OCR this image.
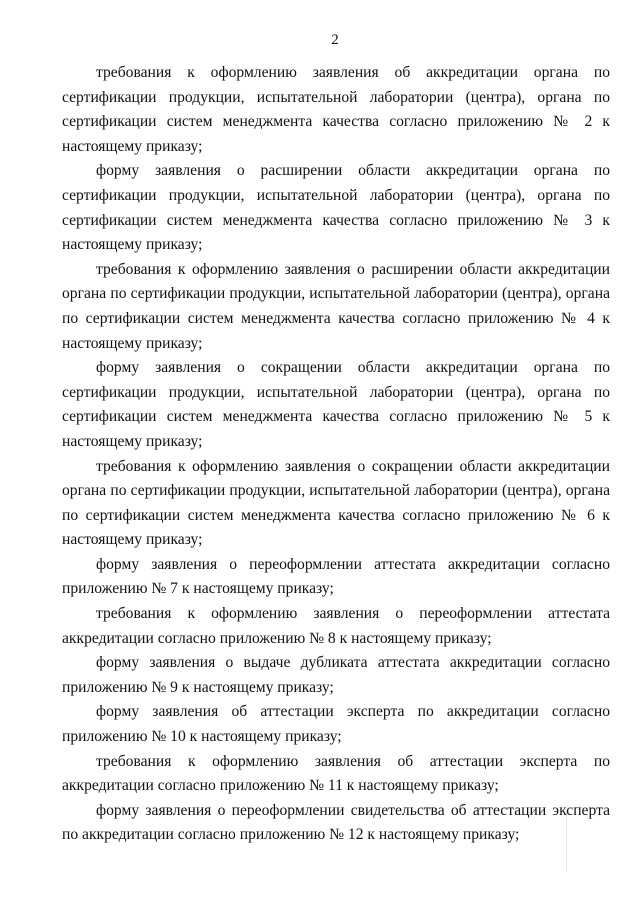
2

требования к оформлению заявления об аккредитации органа по сертификации продукции, испытательной лаборатории (центра), органа по сертификации систем менеджмента качества согласно приложению № 2 к настоящему приказу;

форму заявления о расширении области аккредитации органа по сертификации продукции, испытательной лаборатории (центра), органа по сертификации систем менеджмента качества согласно приложению № 3 к настоящему приказу;

требования к оформлению заявления о расширении области аккредитации органа по сертификации продукции, испытательной лаборатории (центра), органа по сертификации систем менеджмента качества согласно приложению № 4 к настоящему приказу;

форму заявления о сокращении области аккредитации органа по сертификации продукции, испытательной лаборатории (центра), органа по сертификации систем менеджмента качества согласно приложению № 5 к настоящему приказу;

требования к оформлению заявления о сокращении области аккредитации органа по сертификации продукции, испытательной лаборатории (центра), органа по сертификации систем менеджмента качества согласно приложению № 6 к настоящему приказу;

форму заявления о переоформлении аттестата аккредитации согласно приложению № 7 к настоящему приказу;

требования к оформлению заявления о переоформлении аттестата аккредитации согласно приложению № 8 к настоящему приказу;

форму заявления о выдаче дубликата аттестата аккредитации согласно приложению № 9 к настоящему приказу;

форму заявления об аттестации эксперта по аккредитации согласно приложению № 10 к настоящему приказу;

требования к оформлению заявления об аттестации эксперта по аккредитации согласно приложению № 11 к настоящему приказу;

форму заявления о переоформлении свидетельства об аттестации эксперта по аккредитации согласно приложению № 12 к настоящему приказу;
